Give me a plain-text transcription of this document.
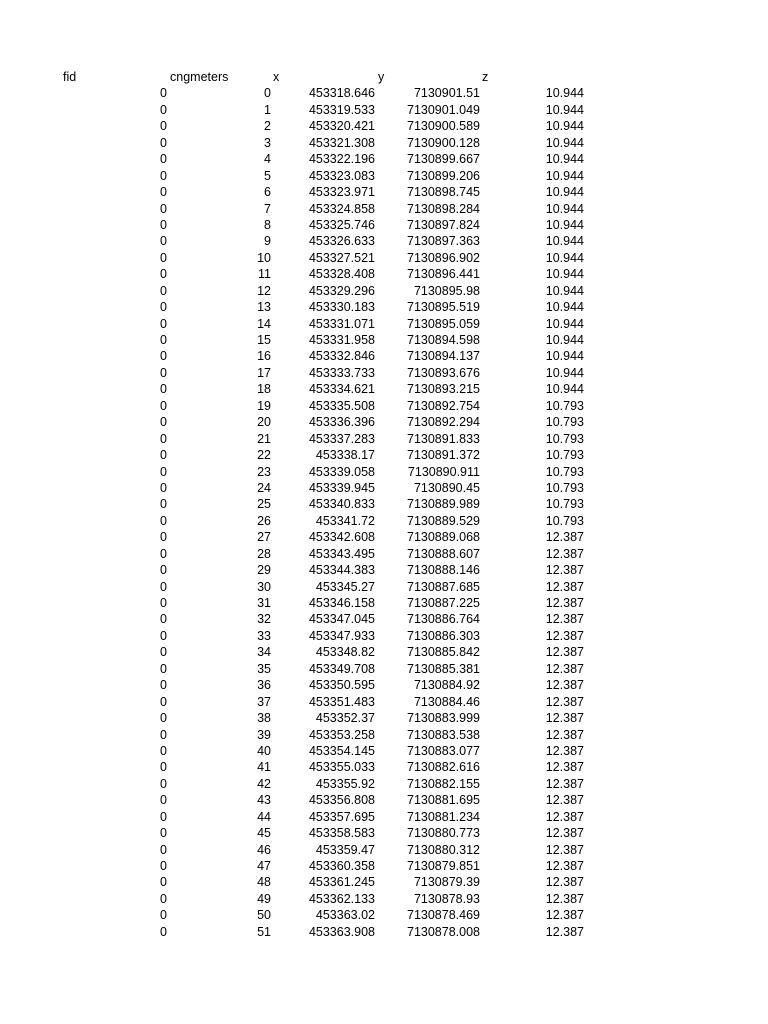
fid	cngmeters	x	y	z
0	0	453318.646	7130901.51	10.944
0	1	453319.533	7130901.049	10.944
0	2	453320.421	7130900.589	10.944
0	3	453321.308	7130900.128	10.944
0	4	453322.196	7130899.667	10.944
0	5	453323.083	7130899.206	10.944
0	6	453323.971	7130898.745	10.944
0	7	453324.858	7130898.284	10.944
0	8	453325.746	7130897.824	10.944
0	9	453326.633	7130897.363	10.944
0	10	453327.521	7130896.902	10.944
0	11	453328.408	7130896.441	10.944
0	12	453329.296	7130895.98	10.944
0	13	453330.183	7130895.519	10.944
0	14	453331.071	7130895.059	10.944
0	15	453331.958	7130894.598	10.944
0	16	453332.846	7130894.137	10.944
0	17	453333.733	7130893.676	10.944
0	18	453334.621	7130893.215	10.944
0	19	453335.508	7130892.754	10.793
0	20	453336.396	7130892.294	10.793
0	21	453337.283	7130891.833	10.793
0	22	453338.17	7130891.372	10.793
0	23	453339.058	7130890.911	10.793
0	24	453339.945	7130890.45	10.793
0	25	453340.833	7130889.989	10.793
0	26	453341.72	7130889.529	10.793
0	27	453342.608	7130889.068	12.387
0	28	453343.495	7130888.607	12.387
0	29	453344.383	7130888.146	12.387
0	30	453345.27	7130887.685	12.387
0	31	453346.158	7130887.225	12.387
0	32	453347.045	7130886.764	12.387
0	33	453347.933	7130886.303	12.387
0	34	453348.82	7130885.842	12.387
0	35	453349.708	7130885.381	12.387
0	36	453350.595	7130884.92	12.387
0	37	453351.483	7130884.46	12.387
0	38	453352.37	7130883.999	12.387
0	39	453353.258	7130883.538	12.387
0	40	453354.145	7130883.077	12.387
0	41	453355.033	7130882.616	12.387
0	42	453355.92	7130882.155	12.387
0	43	453356.808	7130881.695	12.387
0	44	453357.695	7130881.234	12.387
0	45	453358.583	7130880.773	12.387
0	46	453359.47	7130880.312	12.387
0	47	453360.358	7130879.851	12.387
0	48	453361.245	7130879.39	12.387
0	49	453362.133	7130878.93	12.387
0	50	453363.02	7130878.469	12.387
0	51	453363.908	7130878.008	12.387
